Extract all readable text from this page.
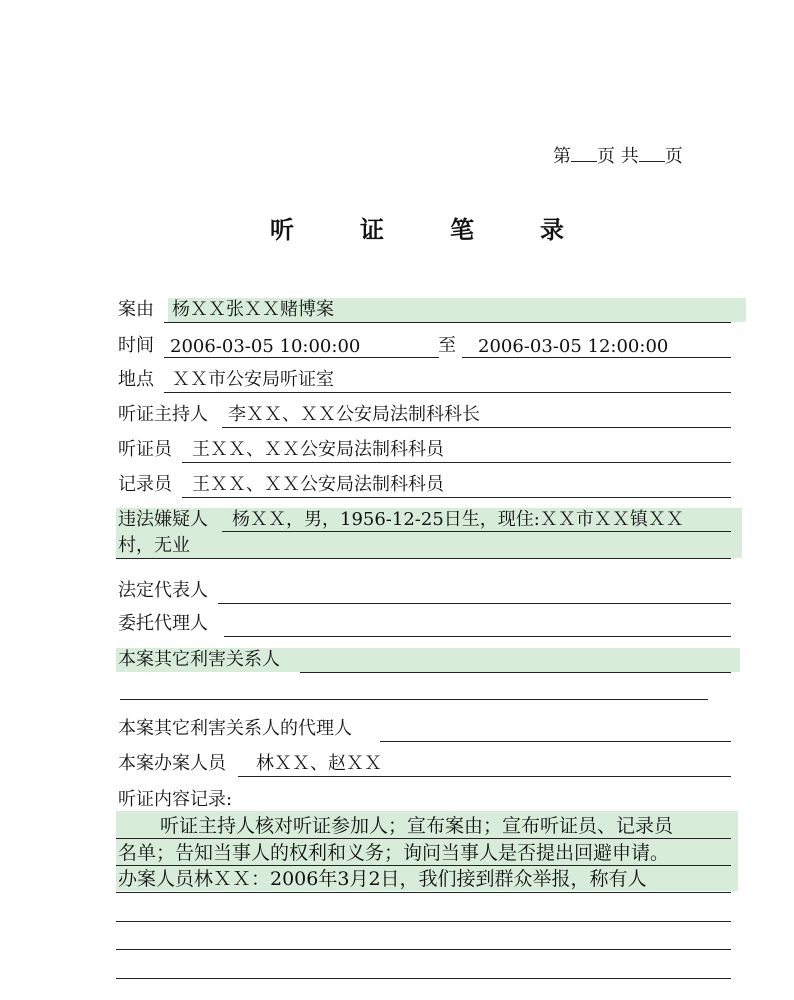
第 页 共 页
听	证	笔	录
案由 杨ＸＸ张ＸＸ赌博案
时间 2006-03-05 10:00:00	至 2006-03-05 12:00:00
地点 ＸＸ市公安局听证室
听证主持人 李ＸＸ、ＸＸ公安局法制科科长
听证员 王ＸＸ、ＸＸ公安局法制科科员
记录员 王ＸＸ、ＸＸ公安局法制科科员
违法嫌疑人 杨ＸＸ，男，1956-12-25日生，现住:ＸＸ市ＸＸ镇ＸＸ
村，无业
法定代表人
委托代理人
本案其它利害关系人
本案其它利害关系人的代理人
本案办案人员 林ＸＸ、赵ＸＸ
听证内容记录:
听证主持人核对听证参加人；宣布案由；宣布听证员、记录员
名单；告知当事人的权利和义务；询问当事人是否提出回避申请。
办案人员林ＸＸ：2006年3月2日，我们接到群众举报，称有人
